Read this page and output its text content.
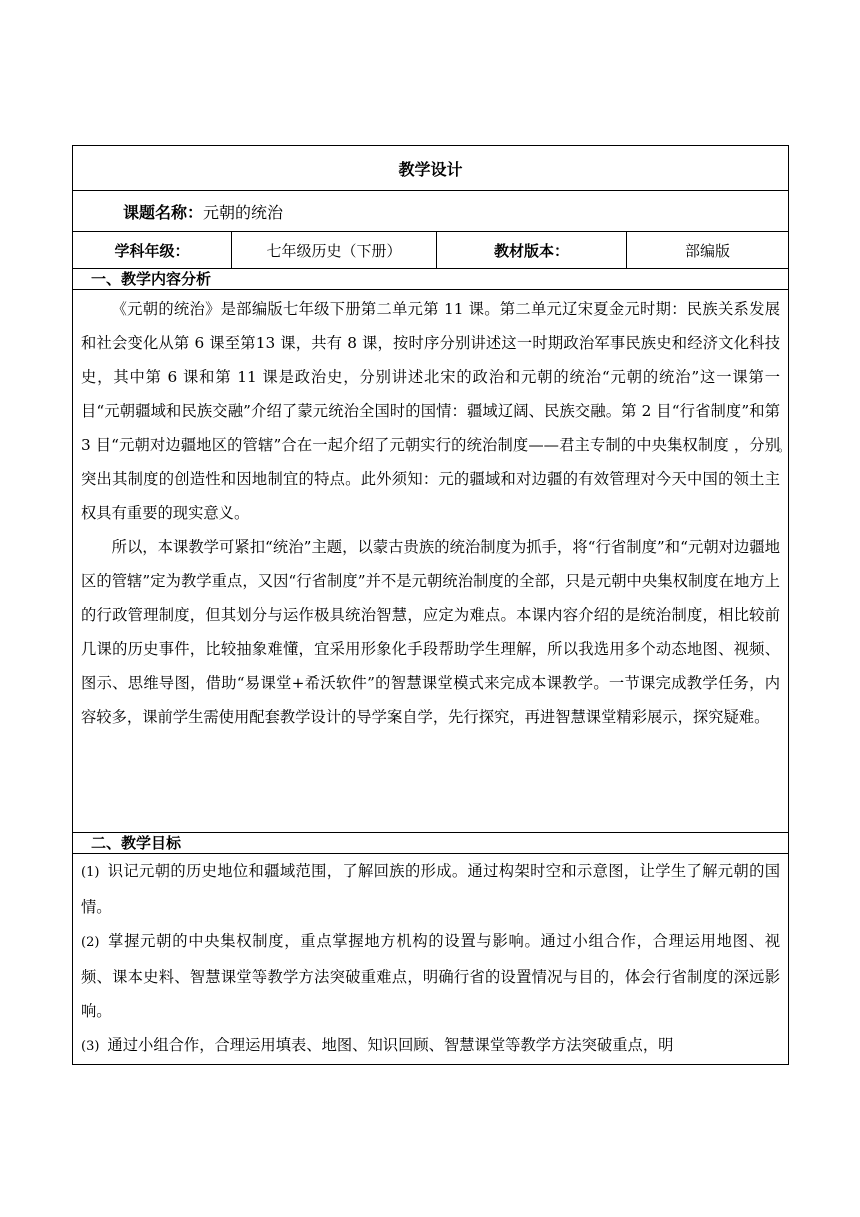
教学设计
课题名称：元朝的统治
学科年级：	七年级历史（下册）	教材版本：	部编版
一、教学内容分析

《元朝的统治》是部编版七年级下册第二单元第 11 课。第二单元辽宋夏金元时期：民族关系发展和社会变化从第 6 课至第13 课，共有 8 课，按时序分别讲述这一时期政治军事民族史和经济文化科技史，其中第 6 课和第 11 课是政治史，分别讲述北宋的政治和元朝的统治“元朝的统治”这一课第一目“元朝疆域和民族交融”介绍了蒙元统治全国时的国情：疆域辽阔、民族交融。第 2 目“行省制度”和第 3 目“元朝对边疆地区的管辖”合在一起介绍了元朝实行的统治制度——君主专制的中央集权制度 ，分别突出其制度的创造性和因地制宜的特点。此外须知：元的疆域和对边疆的有效管理对今天中国的领土主权具有重要的现实意义。

所以，本课教学可紧扣“统治”主题，以蒙古贵族的统治制度为抓手，将“行省制度”和“元朝对边疆地区的管辖”定为教学重点，又因“行省制度”并不是元朝统治制度的全部，只是元朝中央集权制度在地方上的行政管理制度，但其划分与运作极具统治智慧，应定为难点。本课内容介绍的是统治制度，相比较前几课的历史事件，比较抽象难懂，宜采用形象化手段帮助学生理解，所以我选用多个动态地图、视频、图示、思维导图，借助“易课堂+希沃软件”的智慧课堂模式来完成本课教学。一节课完成教学任务，内容较多，课前学生需使用配套教学设计的导学案自学，先行探究，再进智慧课堂精彩展示，探究疑难。

。

二、教学目标

(1) 识记元朝的历史地位和疆域范围，了解回族的形成。通过构架时空和示意图，让学生了解元朝的国情。

(2) 掌握元朝的中央集权制度，重点掌握地方机构的设置与影响。通过小组合作，合理运用地图、视频、课本史料、智慧课堂等教学方法突破重难点，明确行省的设置情况与目的，体会行省制度的深远影响。

(3) 通过小组合作，合理运用填表、地图、知识回顾、智慧课堂等教学方法突破重点，明
